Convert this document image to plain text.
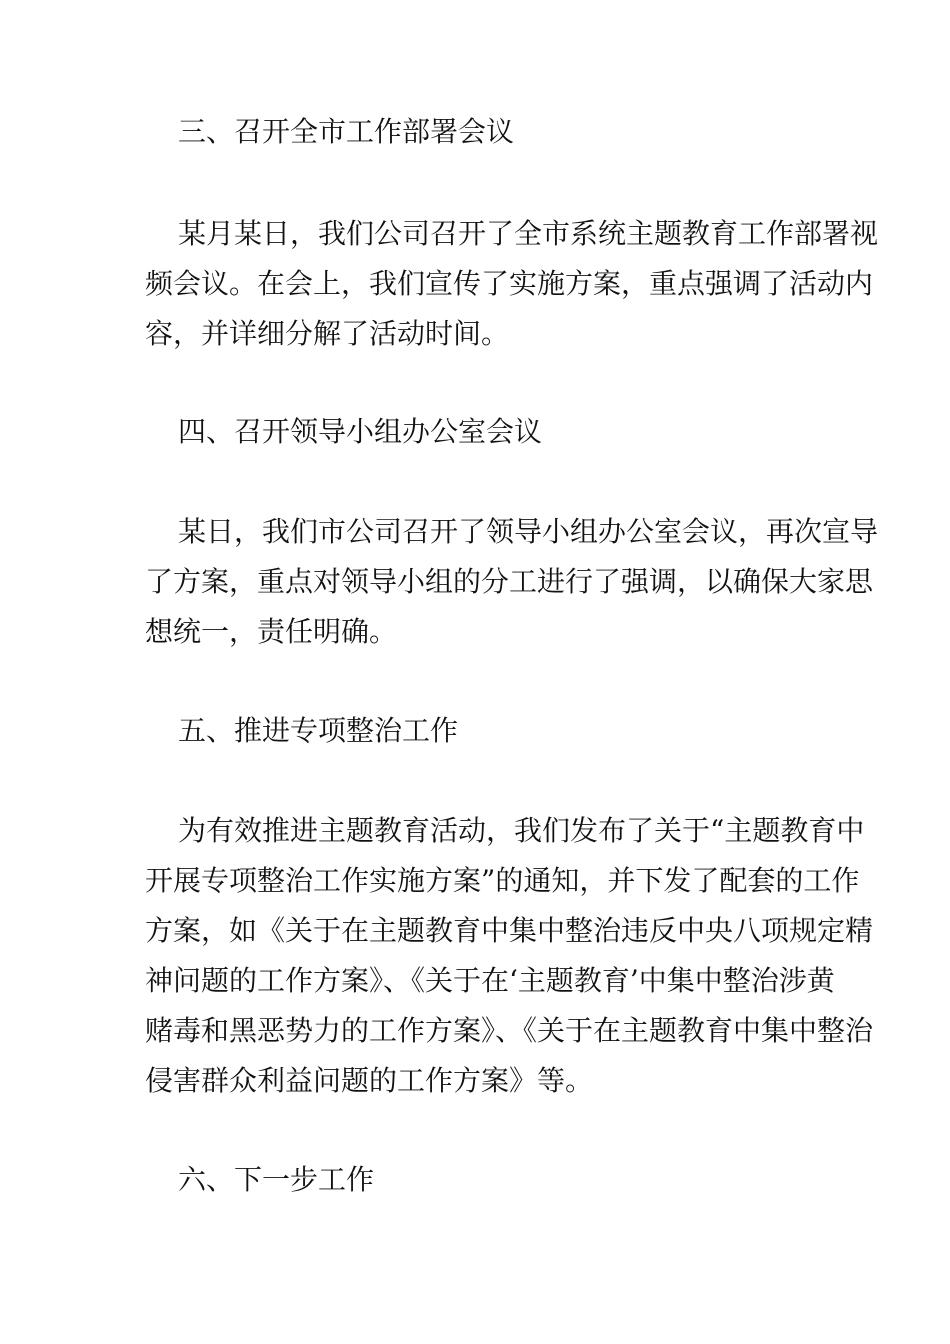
三、召开全市工作部署会议
某月某日，我们公司召开了全市系统主题教育工作部署视
频会议。在会上，我们宣传了实施方案，重点强调了活动内
容，并详细分解了活动时间。
四、召开领导小组办公室会议
某日，我们市公司召开了领导小组办公室会议，再次宣导
了方案，重点对领导小组的分工进行了强调，以确保大家思
想统一，责任明确。
五、推进专项整治工作
为有效推进主题教育活动，我们发布了关于“主题教育中
开展专项整治工作实施方案”的通知，并下发了配套的工作
方案，如《关于在主题教育中集中整治违反中央八项规定精
神问题的工作方案》、《关于在‘主题教育’中集中整治涉黄
赌毒和黑恶势力的工作方案》、《关于在主题教育中集中整治
侵害群众利益问题的工作方案》等。
六、下一步工作
